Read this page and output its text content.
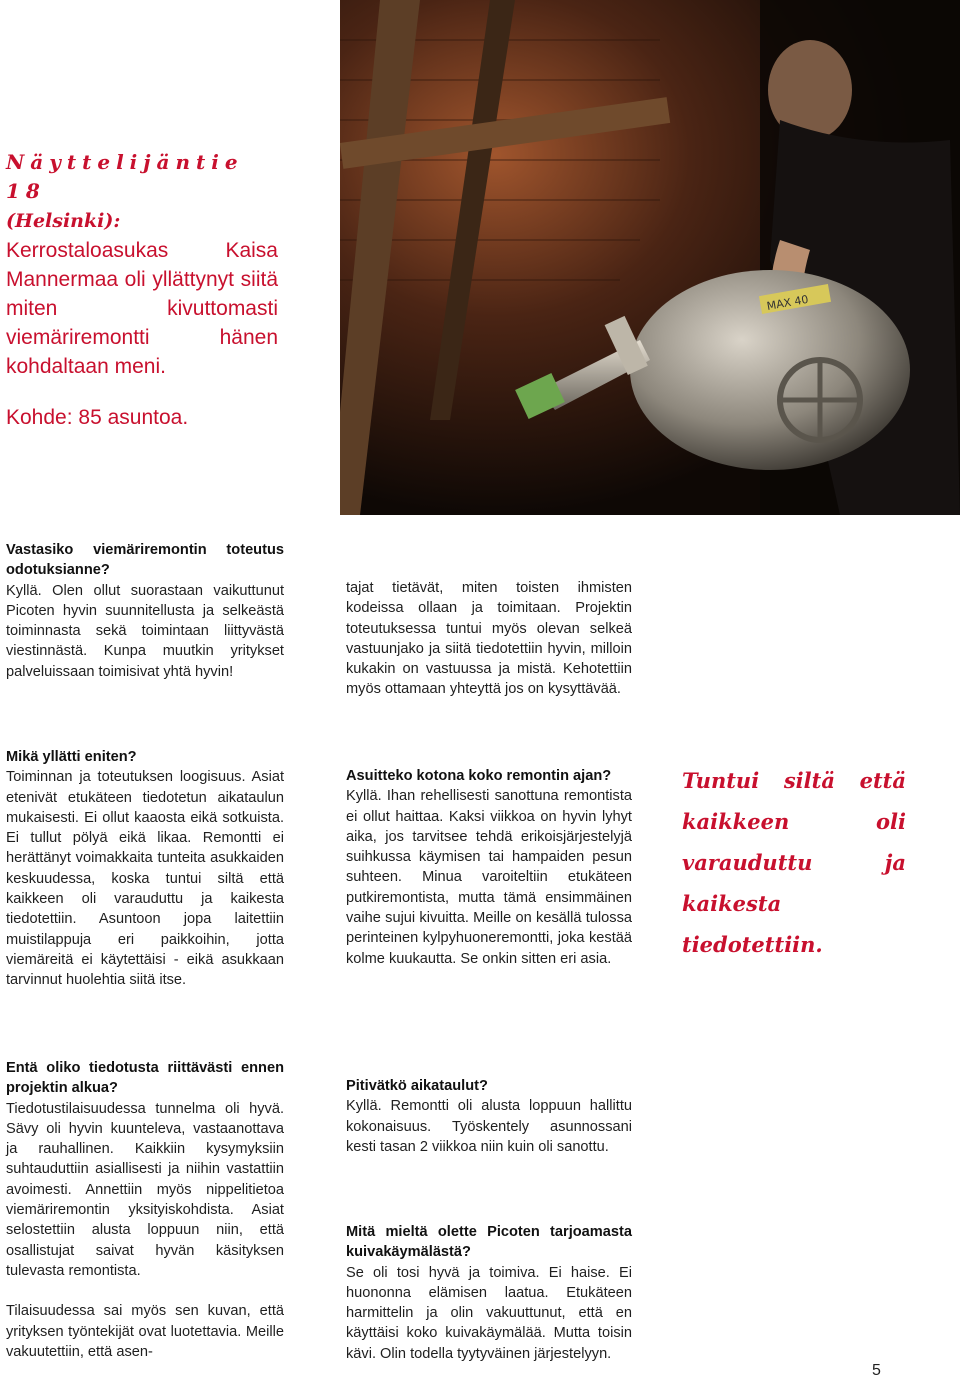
Näyttelijäntie 18
(Helsinki): Kerrostaloasukas Kaisa Mannermaa oli yllättynyt siitä miten kivuttomasti viemäriremontti hänen kohdaltaan meni.
Kohde: 85 asuntoa.
MAX 40

Vastasiko viemäriremontin toteutus odotuksianne?

Kyllä. Olen ollut suorastaan vaikuttunut Picoten hyvin suunnitellusta ja selkeästä toiminnasta sekä toimintaan liittyvästä viestinnästä. Kunpa muutkin yritykset palveluissaan toimisivat yhtä hyvin!

tajat tietävät, miten toisten ihmisten kodeissa ollaan ja toimitaan. Projektin toteutuksessa tuntui myös olevan selkeä vastuunjako ja siitä tiedotettiin hyvin, milloin kukakin on vastuussa ja mistä. Kehotettiin myös ottamaan yhteyttä jos on kysyttävää.

Mikä yllätti eniten?

Toiminnan ja toteutuksen loogisuus. Asiat etenivät etukäteen tiedotetun aikataulun mukaisesti. Ei ollut kaaosta eikä sotkuista. Ei tullut pölyä eikä likaa. Remontti ei herättänyt voimakkaita tunteita asukkaiden keskuudessa, koska tuntui siltä että kaikkeen oli varauduttu ja kaikesta tiedotettiin. Asuntoon jopa laitettiin muistilappuja eri paikkoihin, jotta viemäreitä ei käytettäisi - eikä asukkaan tarvinnut huolehtia siitä itse.

Asuitteko kotona koko remontin ajan?

Kyllä. Ihan rehellisesti sanottuna remontista ei ollut haittaa. Kaksi viikkoa on hyvin lyhyt aika, jos tarvitsee tehdä erikoisjärjestelyjä suihkussa käymisen tai hampaiden pesun suhteen. Minua varoiteltiin etukäteen putkiremontista, mutta tämä ensimmäinen vaihe sujui kivuitta. Meille on kesällä tulossa perinteinen kylpyhuoneremontti, joka kestää kolme kuukautta. Se onkin sitten eri asia.

Tuntui siltä että kaikkeen oli varauduttu ja kaikesta tiedotettiin.

Entä oliko tiedotusta riittävästi ennen projektin alkua?

Tiedotustilaisuudessa tunnelma oli hyvä. Sävy oli hyvin kuunteleva, vastaanottava ja rauhallinen. Kaikkiin kysymyksiin suhtauduttiin asiallisesti ja niihin vastattiin avoimesti. Annettiin myös nippelitietoa viemäriremontin yksityiskohdista. Asiat selostettiin alusta loppuun niin, että osallistujat saivat hyvän käsityksen tulevasta remontista.

Tilaisuudessa sai myös sen kuvan, että yrityksen työntekijät ovat luotettavia. Meille vakuutettiin, että asen-

Pitivätkö aikataulut?

Kyllä. Remontti oli alusta loppuun hallittu kokonaisuus. Työskentely asunnossani kesti tasan 2 viikkoa niin kuin oli sanottu.

Mitä mieltä olette Picoten tarjoamasta kuivakäymälästä?

Se oli tosi hyvä ja toimiva. Ei haise. Ei huononna elämisen laatua. Etukäteen harmittelin ja olin vakuuttunut, että en käyttäisi koko kuivakäymälää. Mutta toisin kävi. Olin todella tyytyväinen järjestelyyn.

5
